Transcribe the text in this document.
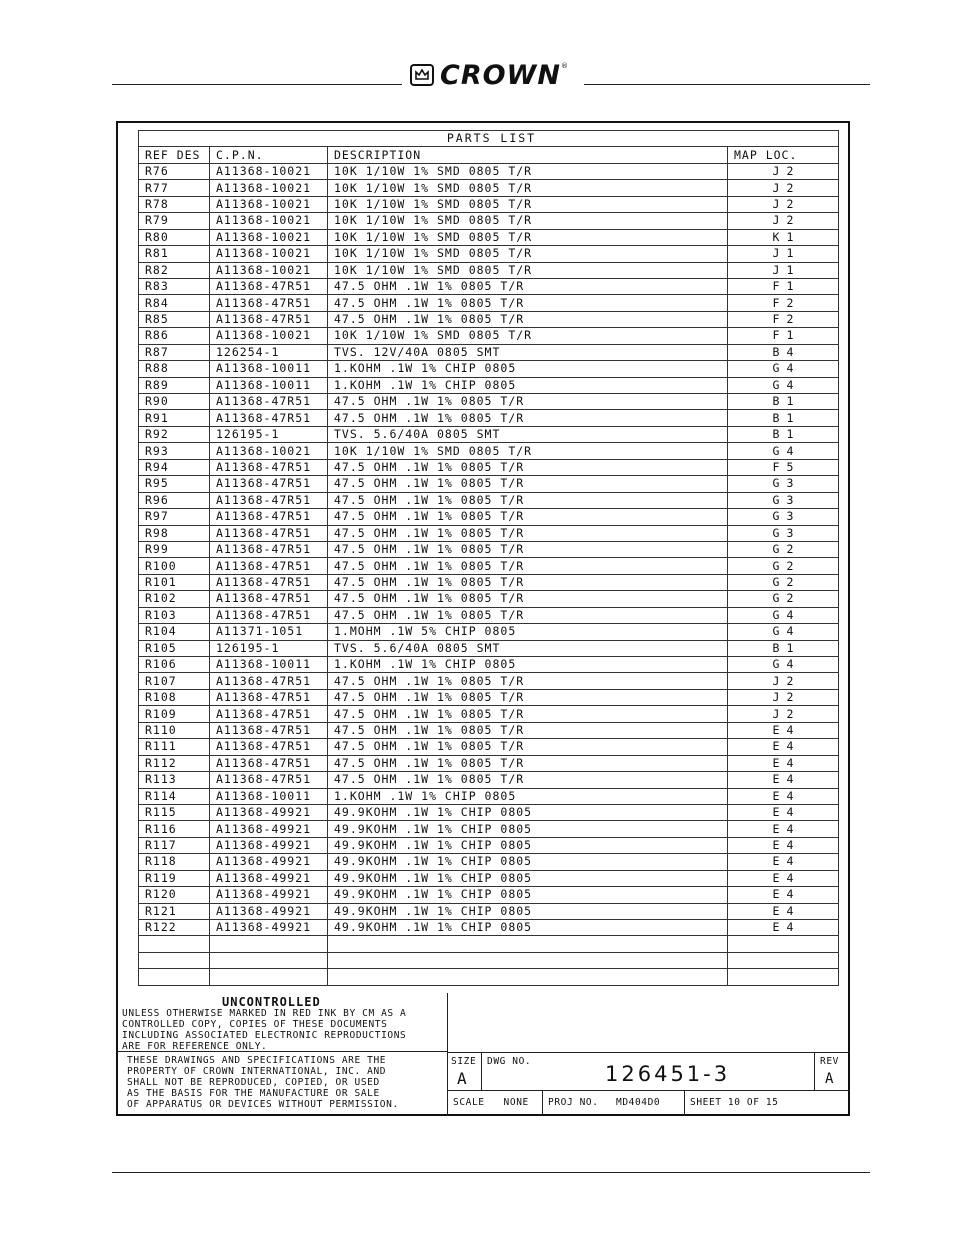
CROWN ®
PARTS LIST			
REF DES	C.P.N.	DESCRIPTION	MAP LOC.
R76	A11368-10021	10K 1/10W 1% SMD 0805 T/R	J 2
R77	A11368-10021	10K 1/10W 1% SMD 0805 T/R	J 2
R78	A11368-10021	10K 1/10W 1% SMD 0805 T/R	J 2
R79	A11368-10021	10K 1/10W 1% SMD 0805 T/R	J 2
R80	A11368-10021	10K 1/10W 1% SMD 0805 T/R	K 1
R81	A11368-10021	10K 1/10W 1% SMD 0805 T/R	J 1
R82	A11368-10021	10K 1/10W 1% SMD 0805 T/R	J 1
R83	A11368-47R51	47.5 OHM .1W 1% 0805 T/R	F 1
R84	A11368-47R51	47.5 OHM .1W 1% 0805 T/R	F 2
R85	A11368-47R51	47.5 OHM .1W 1% 0805 T/R	F 2
R86	A11368-10021	10K 1/10W 1% SMD 0805 T/R	F 1
R87	126254-1	TVS. 12V/40A 0805 SMT	B 4
R88	A11368-10011	1.KOHM .1W 1% CHIP 0805	G 4
R89	A11368-10011	1.KOHM .1W 1% CHIP 0805	G 4
R90	A11368-47R51	47.5 OHM .1W 1% 0805 T/R	B 1
R91	A11368-47R51	47.5 OHM .1W 1% 0805 T/R	B 1
R92	126195-1	TVS. 5.6/40A 0805 SMT	B 1
R93	A11368-10021	10K 1/10W 1% SMD 0805 T/R	G 4
R94	A11368-47R51	47.5 OHM .1W 1% 0805 T/R	F 5
R95	A11368-47R51	47.5 OHM .1W 1% 0805 T/R	G 3
R96	A11368-47R51	47.5 OHM .1W 1% 0805 T/R	G 3
R97	A11368-47R51	47.5 OHM .1W 1% 0805 T/R	G 3
R98	A11368-47R51	47.5 OHM .1W 1% 0805 T/R	G 3
R99	A11368-47R51	47.5 OHM .1W 1% 0805 T/R	G 2
R100	A11368-47R51	47.5 OHM .1W 1% 0805 T/R	G 2
R101	A11368-47R51	47.5 OHM .1W 1% 0805 T/R	G 2
R102	A11368-47R51	47.5 OHM .1W 1% 0805 T/R	G 2
R103	A11368-47R51	47.5 OHM .1W 1% 0805 T/R	G 4
R104	A11371-1051	1.MOHM .1W 5% CHIP 0805	G 4
R105	126195-1	TVS. 5.6/40A 0805 SMT	B 1
R106	A11368-10011	1.KOHM .1W 1% CHIP 0805	G 4
R107	A11368-47R51	47.5 OHM .1W 1% 0805 T/R	J 2
R108	A11368-47R51	47.5 OHM .1W 1% 0805 T/R	J 2
R109	A11368-47R51	47.5 OHM .1W 1% 0805 T/R	J 2
R110	A11368-47R51	47.5 OHM .1W 1% 0805 T/R	E 4
R111	A11368-47R51	47.5 OHM .1W 1% 0805 T/R	E 4
R112	A11368-47R51	47.5 OHM .1W 1% 0805 T/R	E 4
R113	A11368-47R51	47.5 OHM .1W 1% 0805 T/R	E 4
R114	A11368-10011	1.KOHM .1W 1% CHIP 0805	E 4
R115	A11368-49921	49.9KOHM .1W 1% CHIP 0805	E 4
R116	A11368-49921	49.9KOHM .1W 1% CHIP 0805	E 4
R117	A11368-49921	49.9KOHM .1W 1% CHIP 0805	E 4
R118	A11368-49921	49.9KOHM .1W 1% CHIP 0805	E 4
R119	A11368-49921	49.9KOHM .1W 1% CHIP 0805	E 4
R120	A11368-49921	49.9KOHM .1W 1% CHIP 0805	E 4
R121	A11368-49921	49.9KOHM .1W 1% CHIP 0805	E 4
R122	A11368-49921	49.9KOHM .1W 1% CHIP 0805	E 4

UNCONTROLLED
UNLESS OTHERWISE MARKED IN RED INK BY CM AS A
CONTROLLED COPY, COPIES OF THESE DOCUMENTS
INCLUDING ASSOCIATED ELECTRONIC REPRODUCTIONS
ARE FOR REFERENCE ONLY.
THESE DRAWINGS AND SPECIFICATIONS ARE THE
PROPERTY OF CROWN INTERNATIONAL, INC. AND
SHALL NOT BE REPRODUCED, COPIED, OR USED
AS THE BASIS FOR THE MANUFACTURE OR SALE
OF APPARATUS OR DEVICES WITHOUT PERMISSION.
SIZE
A
DWG NO.
126451-3
REV
A
SCALE   NONE PROJ NO. MD404D0	SHEET 10 OF 15
